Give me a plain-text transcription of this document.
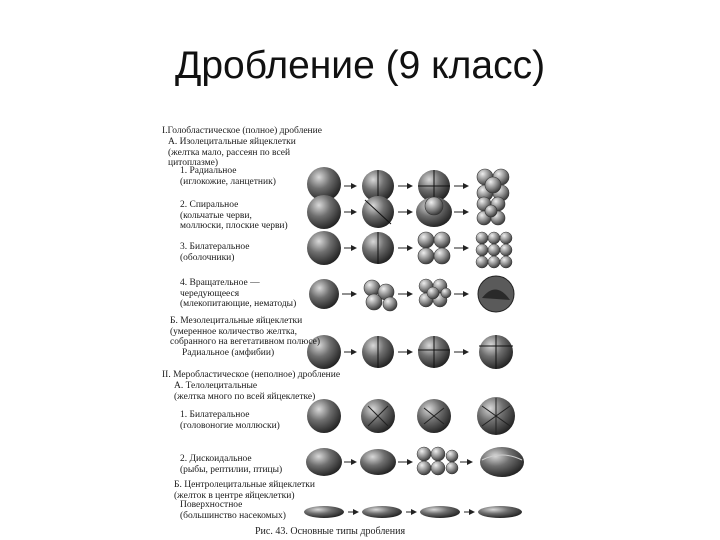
Дробление (9 класс)
I.Голобластическое (полное) дробление
А. Изолецитальные яйцеклетки
(желтка мало, рассеян по всей
цитоплазме)
1. Радиальное
(иглокожие, ланцетник)
2. Спиральное
(кольчатые черви,
моллюски, плоские черви)
3. Билатеральное
(оболочники)
4. Вращательное —
чередующееся
(млекопитающие, нематоды)
Б. Мезолецитальные яйцеклетки
(умеренное количество желтка,
собранного на вегетативном полюсе)
Радиальное (амфибии)
II. Меробластическое (неполное) дробление
А. Телолецитальные
(желтка много по всей яйцеклетке)
1. Билатеральное
(головоногие моллюски)
2. Дискоидальное
(рыбы, рептилии, птицы)
Б. Центролецитальные яйцеклетки
(желток в центре яйцеклетки)
Поверхностное
(большинство насекомых)
Рис. 43. Основные типы дробления
